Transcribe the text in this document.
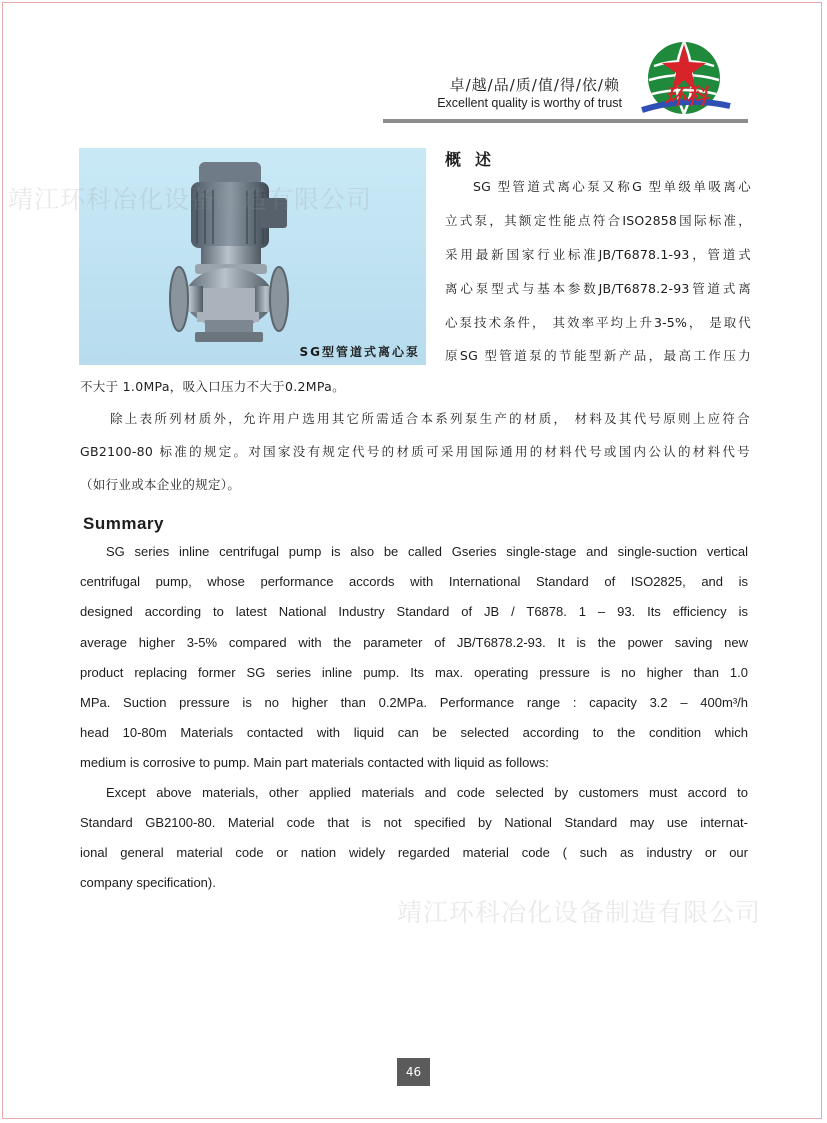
卓/越/品/质/值/得/依/赖
Excellent quality is worthy of trust 环科
SG型管道式离心泵
概述
SG 型管道式离心泵又称G 型单级单吸离心
立式泵，其额定性能点符合ISO2858国际标准，
采用最新国家行业标准JB/T6878.1-93，管道式
离心泵型式与基本参数JB/T6878.2-93管道式离
心泵技术条件， 其效率平均上升3-5%， 是取代
原SG 型管道泵的节能型新产品，最高工作压力
不大于 1.0MPa，吸入口压力不大于0.2MPa。
除上表所列材质外，允许用户选用其它所需适合本系列泵生产的材质， 材料及其代号原则上应符合
GB2100-80 标准的规定。对国家没有规定代号的材质可采用国际通用的材料代号或国内公认的材料代号
（如行业或本企业的规定）。
Summary
SG series inline centrifugal pump is also be called Gseries single-stage and single-suction vertical
centrifugal pump, whose performance accords with International Standard of ISO2825, and is
designed according to latest National Industry Standard of JB / T6878. 1 – 93. Its efficiency is
average higher 3-5% compared with the parameter of JB/T6878.2-93. It is the power saving new
product replacing former SG series inline pump. Its max. operating pressure is no higher than 1.0
MPa. Suction pressure is no higher than 0.2MPa. Performance range : capacity 3.2 – 400m³/h
head 10-80m Materials contacted with liquid can be selected according to the condition which
medium is corrosive to pump. Main part materials contacted with liquid as follows:
Except above materials, other applied materials and code selected by customers must accord to
Standard GB2100-80. Material code that is not specified by National Standard may use internat-
ional general material code or nation widely regarded material code ( such as industry or our
company specification).
靖江环科冶化设备制造有限公司
靖江环科冶化设备制造有限公司
46
